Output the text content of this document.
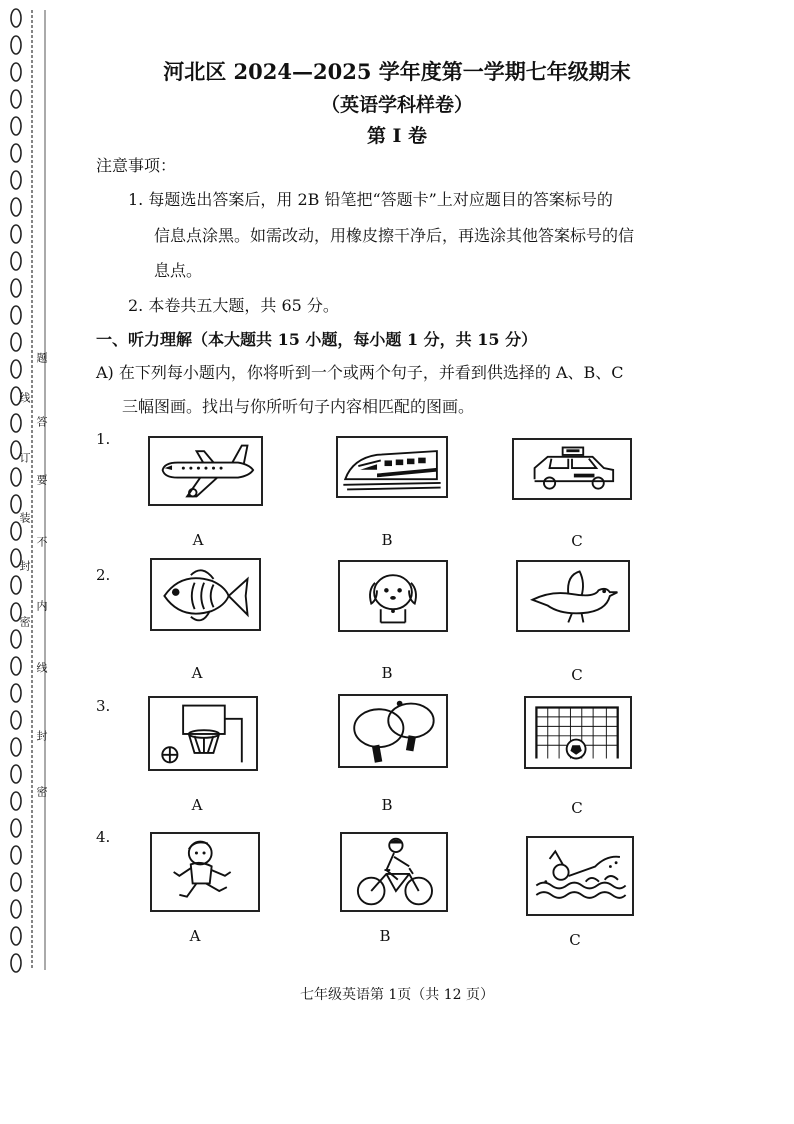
题
答
要
不
内
线
封
密
线
订
装
封
密
河北区 2024—2025 学年度第一学期七年级期末
（英语学科样卷）
第 I 卷
注意事项：
1. 每题选出答案后，用 2B 铅笔把“答题卡”上对应题目的答案标号的
信息点涂黑。如需改动，用橡皮擦干净后，再选涂其他答案标号的信
息点。
2. 本卷共五大题，共 65 分。
一、听力理解（本大题共 15 小题，每小题 1 分，共 15 分）
A) 在下列每小题内，你将听到一个或两个句子，并看到供选择的 A、B、C
三幅图画。找出与你所听句子内容相匹配的图画。
1.
A	B	C
2.
A	B	C
3.
A	B	C
4.
A	B	C
七年级英语第 1页（共 12 页）
